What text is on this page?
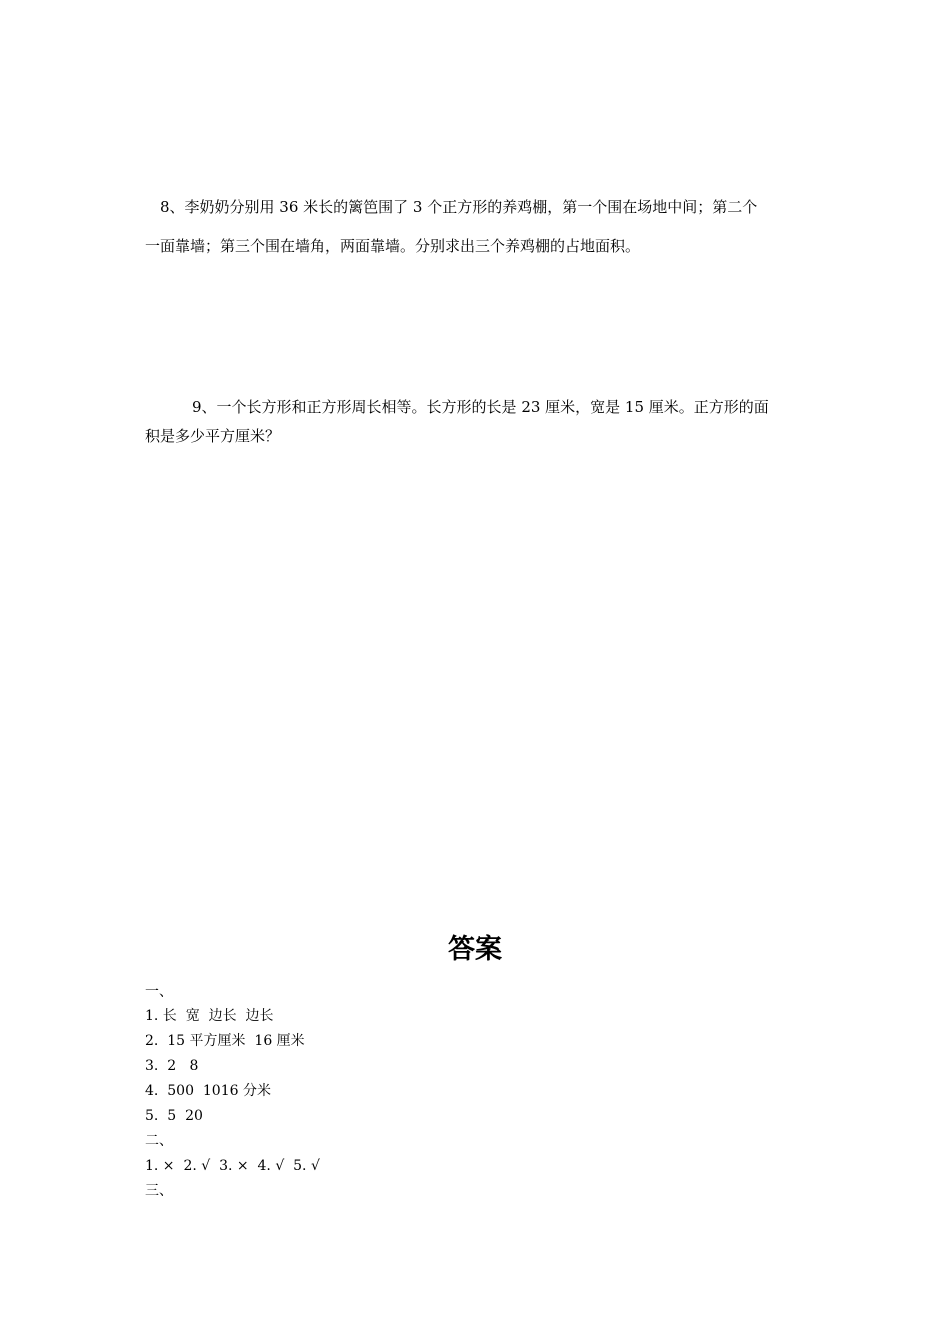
8、李奶奶分别用 36 米长的篱笆围了 3 个正方形的养鸡棚，第一个围在场地中间；第二个
一面靠墙；第三个围在墙角，两面靠墙。分别求出三个养鸡棚的占地面积。
9、一个长方形和正方形周长相等。长方形的长是 23 厘米，宽是 15 厘米。正方形的面
积是多少平方厘米？
答案
一、
1. 长  宽  边长  边长
2.  15 平方厘米  16 厘米
3.  2   8
4.  500  1016 分米
5.  5  20
二、
1. ×  2. √  3. ×  4. √  5. √
三、
